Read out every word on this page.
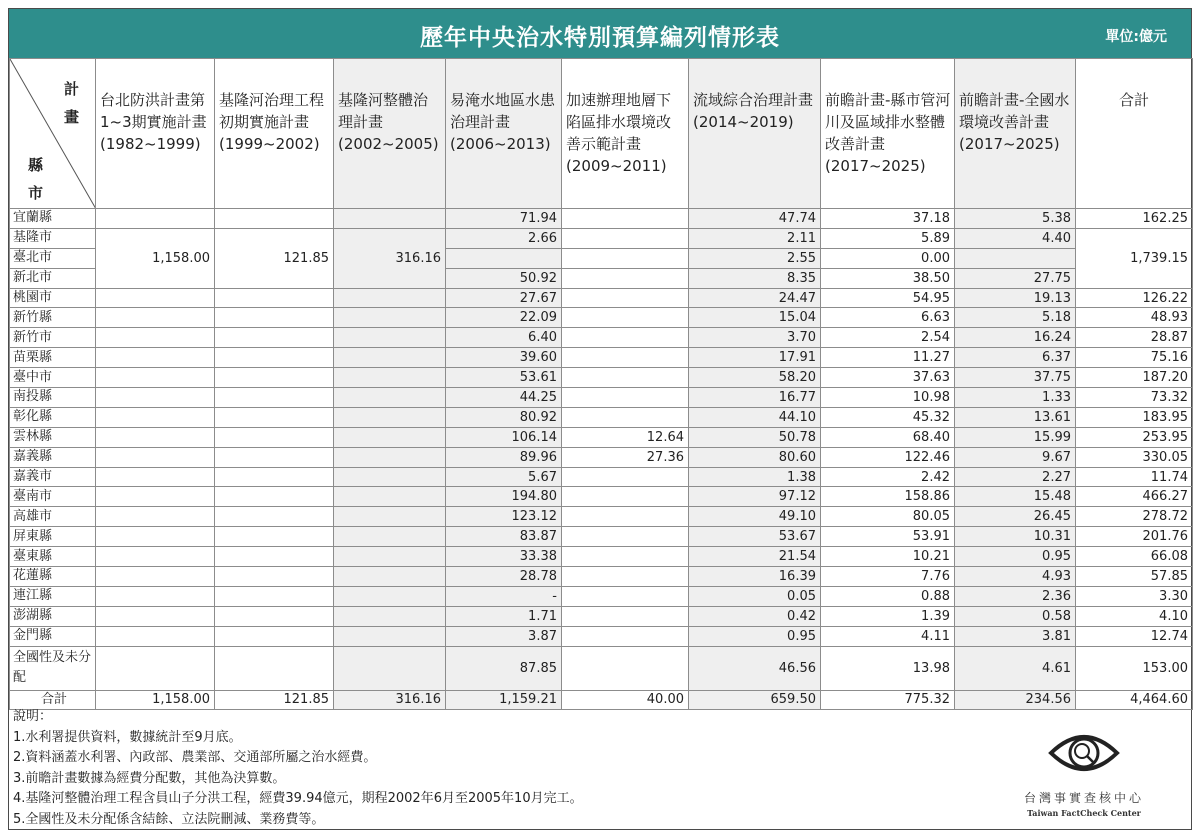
歷年中央治水特別預算編列情形表	單位:億元
計
畫
縣
市	台北防洪計畫第1~3期實施計畫(1982~1999)	基隆河治理工程初期實施計畫(1999~2002)	基隆河整體治理計畫(2002~2005)	易淹水地區水患治理計畫(2006~2013)	加速辦理地層下陷區排水環境改善示範計畫(2009~2011)	流域綜合治理計畫(2014~2019)	前瞻計畫-縣市管河川及區域排水整體改善計畫(2017~2025)	前瞻計畫-全國水環境改善計畫(2017~2025)	合計
宜蘭縣				71.94		47.74	37.18	5.38	162.25
基隆市	1,158.00	121.85	316.16	2.66		2.11	5.89	4.40	1,739.15
臺北市						2.55	0.00		
新北市				50.92		8.35	38.50	27.75	
桃園市				27.67		24.47	54.95	19.13	126.22
新竹縣				22.09		15.04	6.63	5.18	48.93
新竹市				6.40		3.70	2.54	16.24	28.87
苗栗縣				39.60		17.91	11.27	6.37	75.16
臺中市				53.61		58.20	37.63	37.75	187.20
南投縣				44.25		16.77	10.98	1.33	73.32
彰化縣				80.92		44.10	45.32	13.61	183.95
雲林縣				106.14	12.64	50.78	68.40	15.99	253.95
嘉義縣				89.96	27.36	80.60	122.46	9.67	330.05
嘉義市				5.67		1.38	2.42	2.27	11.74
臺南市				194.80		97.12	158.86	15.48	466.27
高雄市				123.12		49.10	80.05	26.45	278.72
屏東縣				83.87		53.67	53.91	10.31	201.76
臺東縣				33.38		21.54	10.21	0.95	66.08
花蓮縣				28.78		16.39	7.76	4.93	57.85
連江縣				-		0.05	0.88	2.36	3.30
澎湖縣				1.71		0.42	1.39	0.58	4.10
金門縣				3.87		0.95	4.11	3.81	12.74
全國性及未分配				87.85		46.56	13.98	4.61	153.00
合計	1,158.00	121.85	316.16	1,159.21	40.00	659.50	775.32	234.56	4,464.60
說明：
1.水利署提供資料，數據統計至9月底。
2.資料涵蓋水利署、內政部、農業部、交通部所屬之治水經費。
3.前瞻計畫數據為經費分配數，其他為決算數。
4.基隆河整體治理工程含員山子分洪工程，經費39.94億元，期程2002年6月至2005年10月完工。
5.全國性及未分配係含結餘、立法院刪減、業務費等。
台灣事實查核中心
Taiwan FactCheck Center
